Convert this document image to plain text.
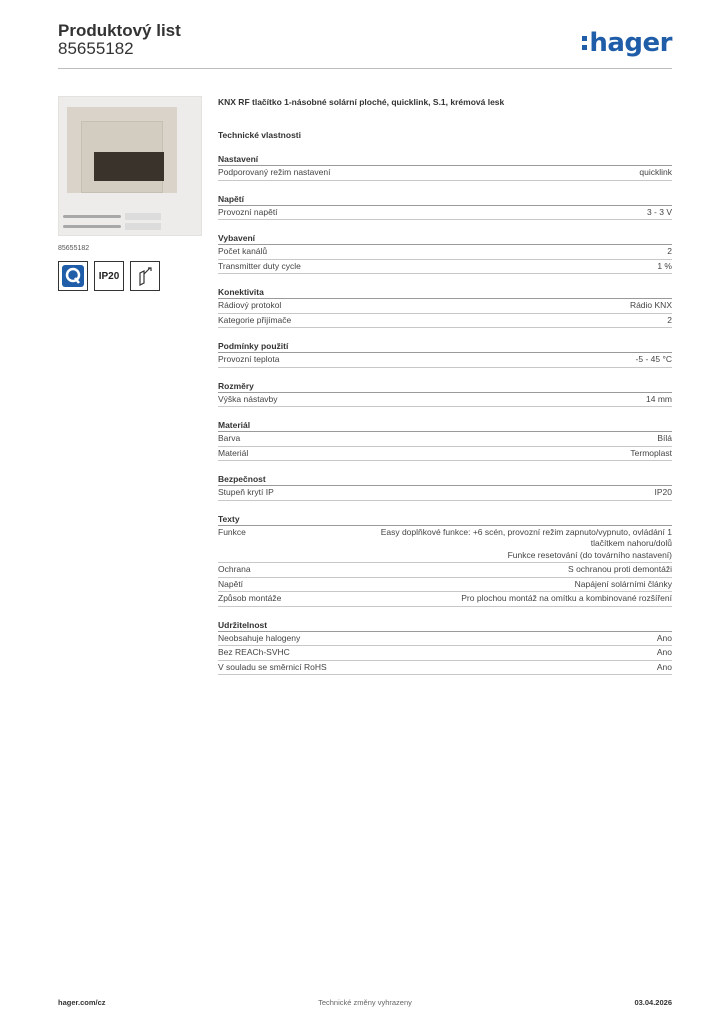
Produktový list
85655182	hager
85655182
IP20
KNX RF tlačítko 1-násobné solární ploché, quicklink, S.1, krémová lesk
Technické vlastnosti
Nastavení
Podporovaný režim nastavení	quicklink
Napětí
Provozní napětí	3 - 3 V
Vybavení
Počet kanálů	2
Transmitter duty cycle	1 %
Konektivita
Rádiový protokol	Rádio KNX
Kategorie přijímače	2
Podmínky použití
Provozní teplota	-5 - 45 °C
Rozměry
Výška nástavby	14 mm
Materiál
Barva	Bílá
Materiál	Termoplast
Bezpečnost
Stupeň krytí IP	IP20
Texty
Funkce	Easy doplňkové funkce: +6 scén, provozní režim zapnuto/vypnuto, ovládání 1
tlačítkem nahoru/dolů
Funkce resetování (do továrního nastavení)
Ochrana	S ochranou proti demontáži
Napětí	Napájení solárními články
Způsob montáže	Pro plochou montáž na omítku a kombinované rozšíření
Udržitelnost
Neobsahuje halogeny	Ano
Bez REACh-SVHC	Ano
V souladu se směrnicí RoHS	Ano
hager.com/cz	Technické změny vyhrazeny	03.04.2026
